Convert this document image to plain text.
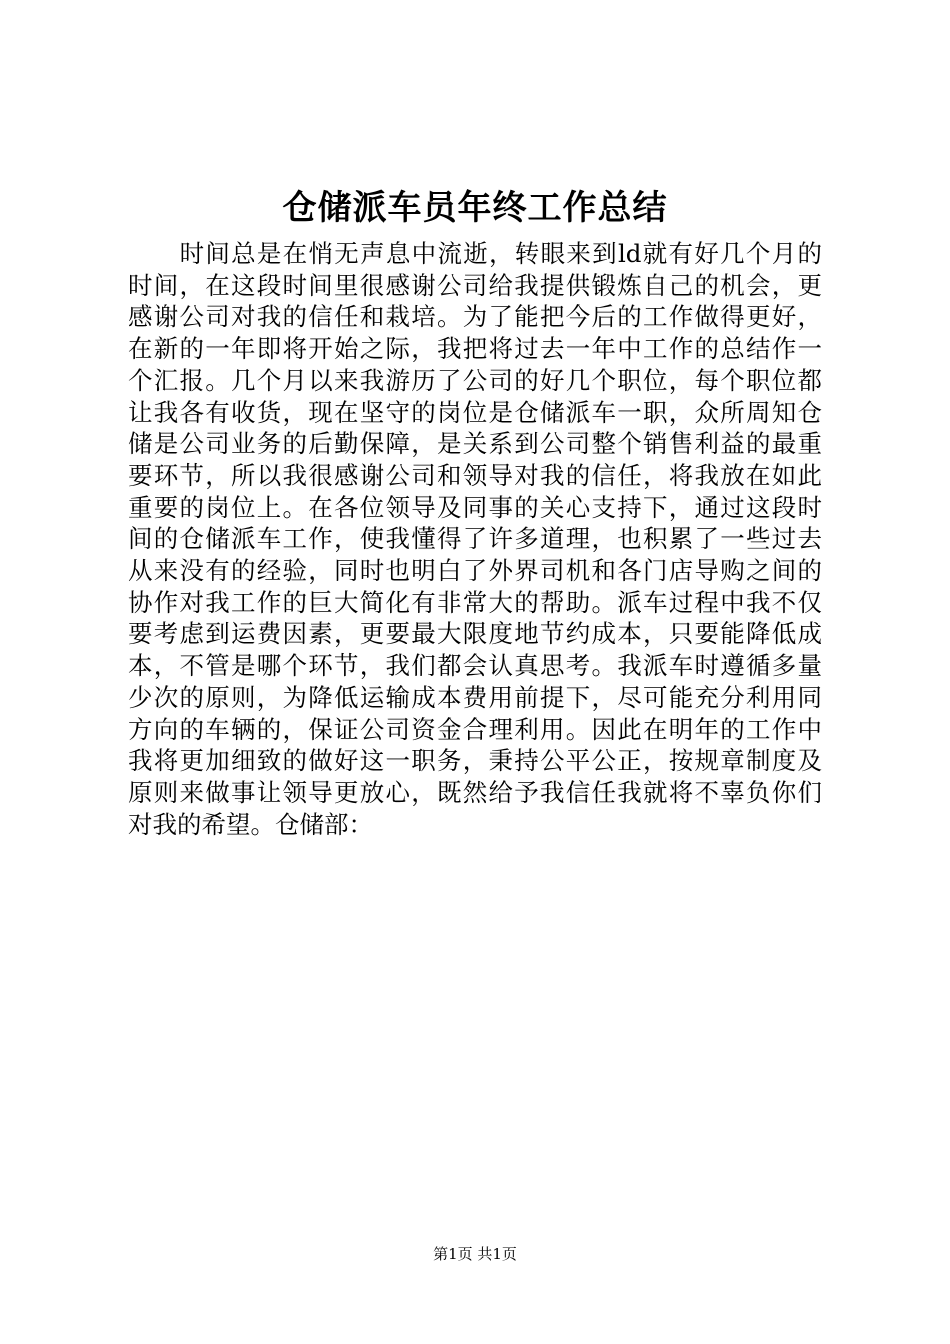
仓储派车员年终工作总结
　　时间总是在悄无声息中流逝，转眼来到ld就有好几个月的
时间，在这段时间里很感谢公司给我提供锻炼自己的机会，更
感谢公司对我的信任和栽培。为了能把今后的工作做得更好，
在新的一年即将开始之际，我把将过去一年中工作的总结作一
个汇报。几个月以来我游历了公司的好几个职位，每个职位都
让我各有收货，现在坚守的岗位是仓储派车一职，众所周知仓
储是公司业务的后勤保障，是关系到公司整个销售利益的最重
要环节，所以我很感谢公司和领导对我的信任，将我放在如此
重要的岗位上。在各位领导及同事的关心支持下，通过这段时
间的仓储派车工作，使我懂得了许多道理，也积累了一些过去
从来没有的经验，同时也明白了外界司机和各门店导购之间的
协作对我工作的巨大简化有非常大的帮助。派车过程中我不仅
要考虑到运费因素，更要最大限度地节约成本，只要能降低成
本，不管是哪个环节，我们都会认真思考。我派车时遵循多量
少次的原则，为降低运输成本费用前提下，尽可能充分利用同
方向的车辆的，保证公司资金合理利用。因此在明年的工作中
我将更加细致的做好这一职务，秉持公平公正，按规章制度及
原则来做事让领导更放心，既然给予我信任我就将不辜负你们
对我的希望。仓储部：
第1页 共1页
